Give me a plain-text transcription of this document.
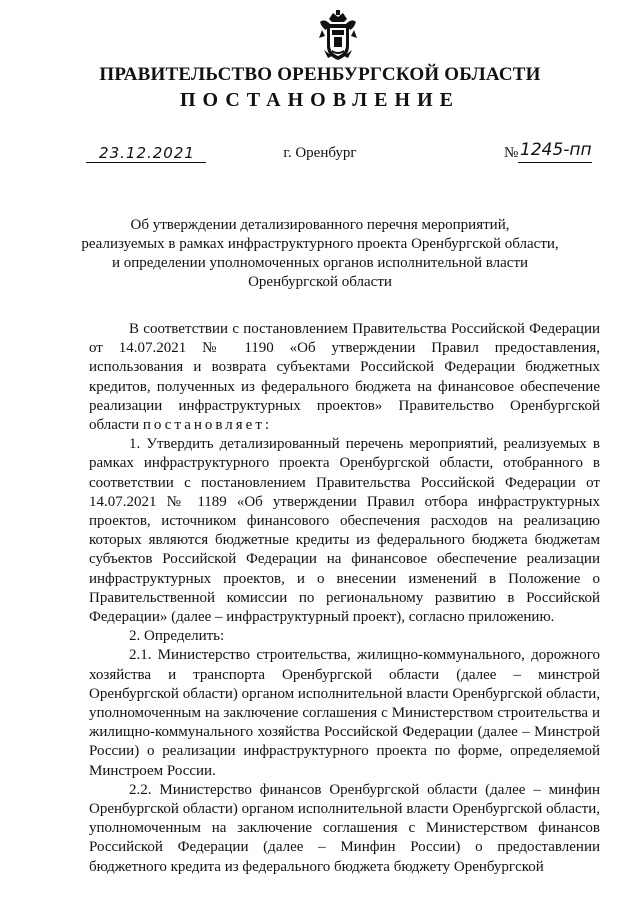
ПРАВИТЕЛЬСТВО ОРЕНБУРГСКОЙ ОБЛАСТИ
ПОСТАНОВЛЕНИЕ
23.12.2021	г. Оренбург	№ 1245-пп
Об утверждении детализированного перечня мероприятий,
реализуемых в рамках инфраструктурного проекта Оренбургской области,
и определении уполномоченных органов исполнительной власти
Оренбургской области

В соответствии с постановлением Правительства Российской Федерации от 14.07.2021 № 1190 «Об утверждении Правил предоставления, использования и возврата субъектами Российской Федерации бюджетных кредитов, полученных из федерального бюджета на финансовое обеспечение реализации инфраструктурных проектов» Правительство Оренбургской области постановляет:

1. Утвердить детализированный перечень мероприятий, реализуемых в рамках инфраструктурного проекта Оренбургской области, отобранного в соответствии с постановлением Правительства Российской Федерации от 14.07.2021 № 1189 «Об утверждении Правил отбора инфраструктурных проектов, источником финансового обеспечения расходов на реализацию которых являются бюджетные кредиты из федерального бюджета бюджетам субъектов Российской Федерации на финансовое обеспечение реализации инфраструктурных проектов, и о внесении изменений в Положение о Правительственной комиссии по региональному развитию в Российской Федерации» (далее – инфраструктурный проект), согласно приложению.

2. Определить:

2.1. Министерство строительства, жилищно-коммунального, дорожного хозяйства и транспорта Оренбургской области (далее – минстрой Оренбургской области) органом исполнительной власти Оренбургской области, уполномоченным на заключение соглашения с Министерством строительства и жилищно-коммунального хозяйства Российской Федерации (далее – Минстрой России) о реализации инфраструктурного проекта по форме, определяемой Минстроем России.

2.2. Министерство финансов Оренбургской области (далее – минфин Оренбургской области) органом исполнительной власти Оренбургской области, уполномоченным на заключение соглашения с Министерством финансов Российской Федерации (далее – Минфин России) о предоставлении бюджетного кредита из федерального бюджета бюджету Оренбургской
